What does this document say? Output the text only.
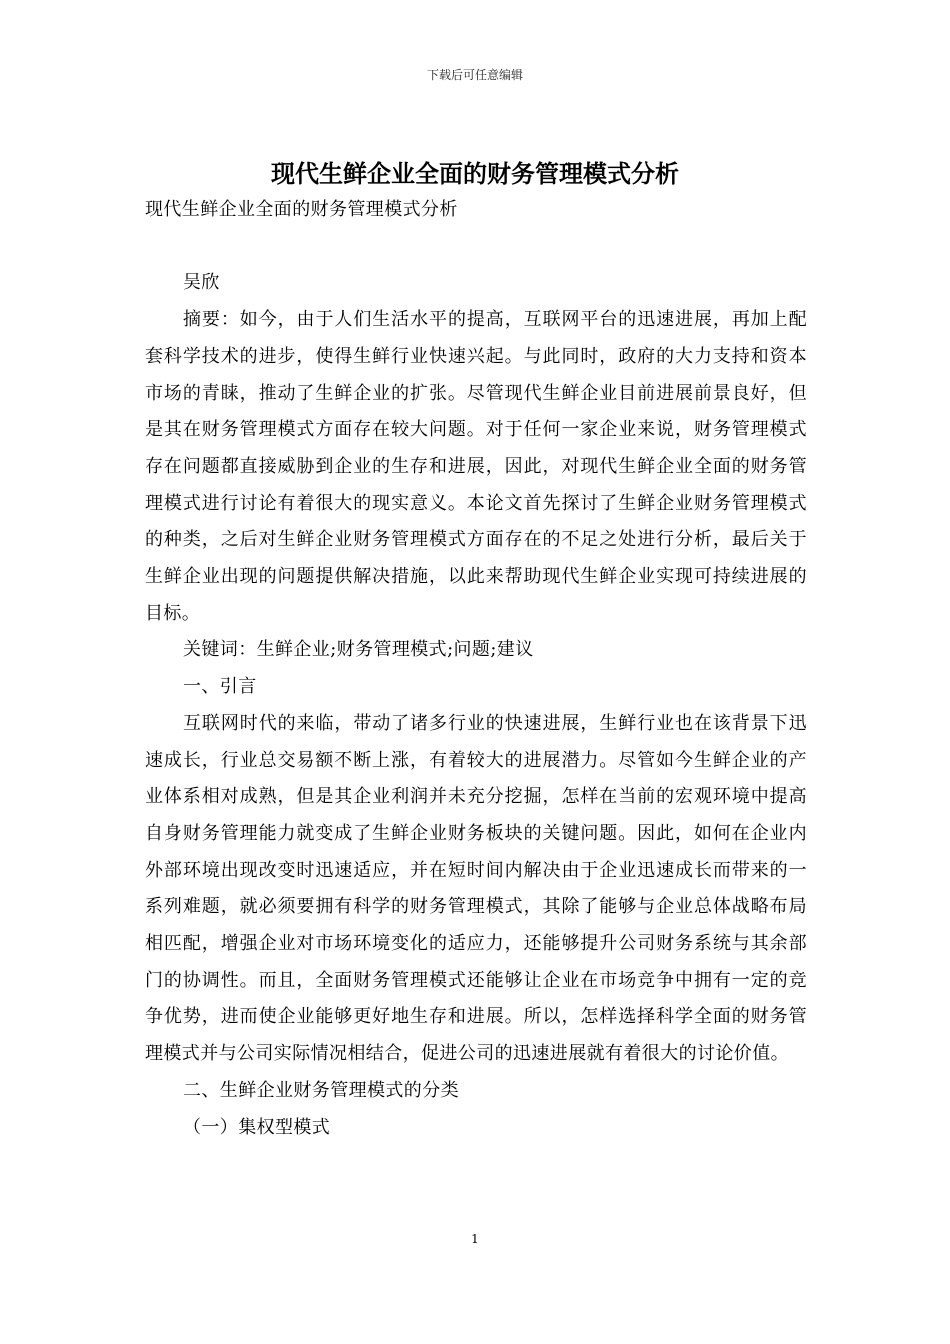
下载后可任意编辑
现代生鲜企业全面的财务管理模式分析

现代生鲜企业全面的财务管理模式分析

吴欣

摘要：如今，由于人们生活水平的提高，互联网平台的迅速进展，再加上配套科学技术的进步，使得生鲜行业快速兴起。与此同时，政府的大力支持和资本市场的青睐，推动了生鲜企业的扩张。尽管现代生鲜企业目前进展前景良好，但是其在财务管理模式方面存在较大问题。对于任何一家企业来说，财务管理模式存在问题都直接威胁到企业的生存和进展，因此，对现代生鲜企业全面的财务管理模式进行讨论有着很大的现实意义。本论文首先探讨了生鲜企业财务管理模式的种类，之后对生鲜企业财务管理模式方面存在的不足之处进行分析，最后关于生鲜企业出现的问题提供解决措施，以此来帮助现代生鲜企业实现可持续进展的目标。

关键词：生鲜企业;财务管理模式;问题;建议

一、引言

互联网时代的来临，带动了诸多行业的快速进展，生鲜行业也在该背景下迅速成长，行业总交易额不断上涨，有着较大的进展潜力。尽管如今生鲜企业的产业体系相对成熟，但是其企业利润并未充分挖掘，怎样在当前的宏观环境中提高自身财务管理能力就变成了生鲜企业财务板块的关键问题。因此，如何在企业内外部环境出现改变时迅速适应，并在短时间内解决由于企业迅速成长而带来的一系列难题，就必须要拥有科学的财务管理模式，其除了能够与企业总体战略布局相匹配，增强企业对市场环境变化的适应力，还能够提升公司财务系统与其余部门的协调性。而且，全面财务管理模式还能够让企业在市场竞争中拥有一定的竞争优势，进而使企业能够更好地生存和进展。所以，怎样选择科学全面的财务管理模式并与公司实际情况相结合，促进公司的迅速进展就有着很大的讨论价值。

二、生鲜企业财务管理模式的分类

（一）集权型模式

1
